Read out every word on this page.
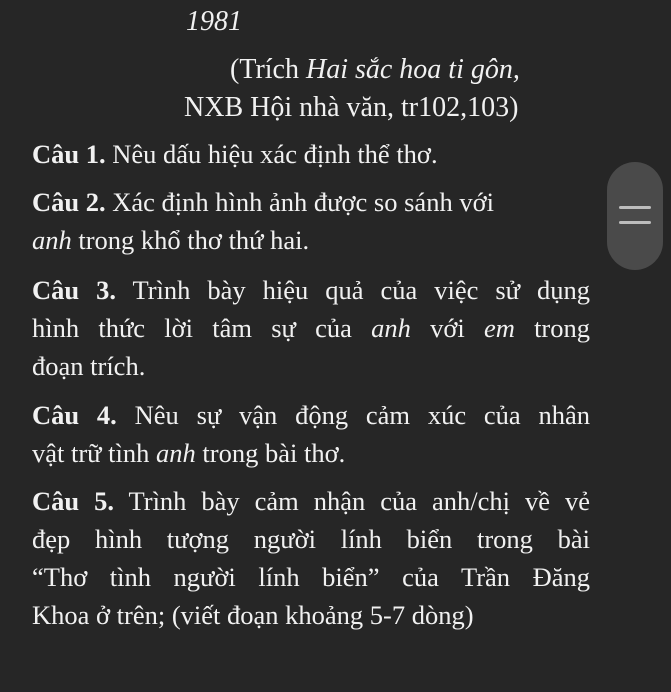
1981
(Trích Hai sắc hoa ti gôn,
NXB Hội nhà văn, tr102,103)
Câu 1. Nêu dấu hiệu xác định thể thơ.
Câu 2. Xác định hình ảnh được so sánh với
anh trong khổ thơ thứ hai.
Câu 3. Trình bày hiệu quả của việc sử dụng
hình thức lời tâm sự của anh với em trong
đoạn trích.
Câu 4. Nêu sự vận động cảm xúc của nhân
vật trữ tình anh trong bài thơ.
Câu 5. Trình bày cảm nhận của anh/chị về vẻ
đẹp hình tượng người lính biển trong bài
“Thơ tình người lính biển” của Trần Đăng
Khoa ở trên; (viết đoạn khoảng 5-7 dòng)
